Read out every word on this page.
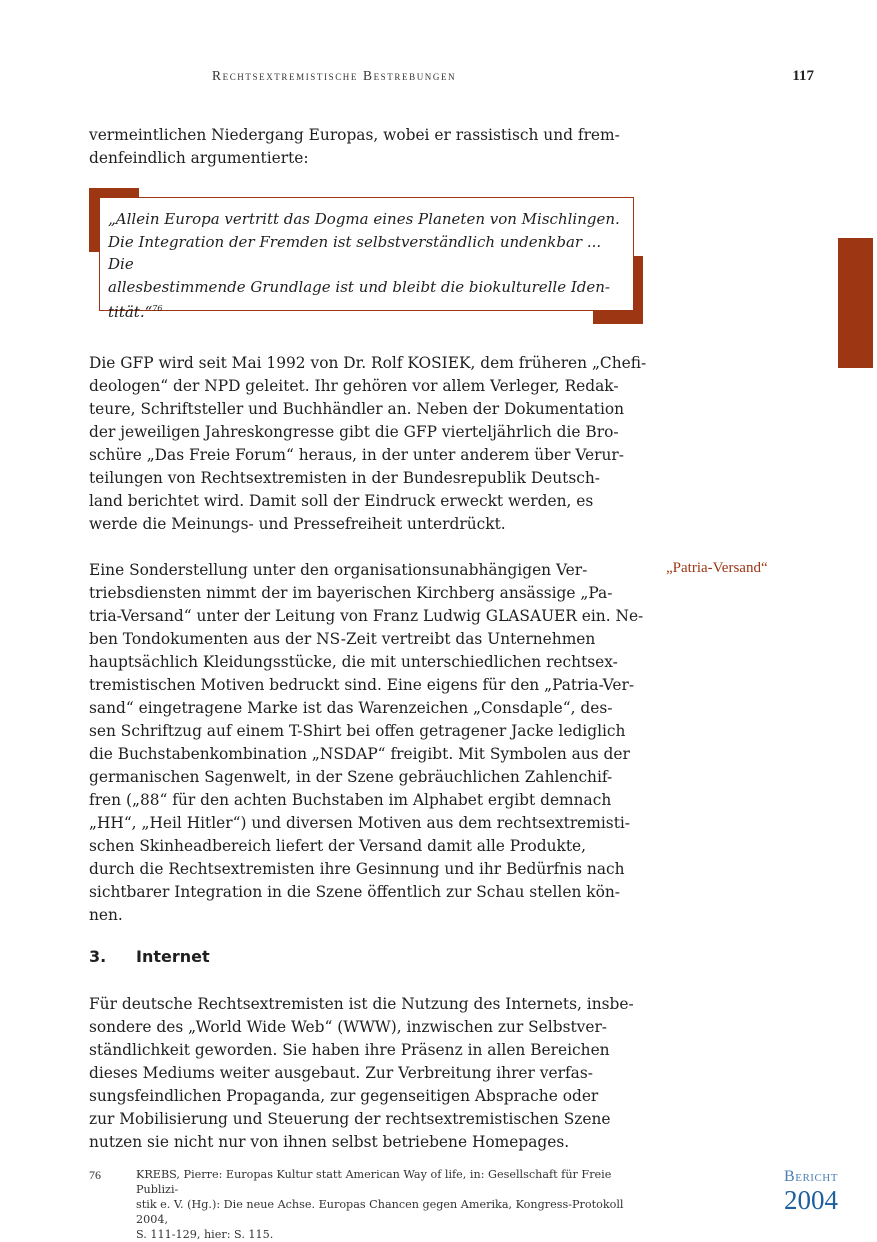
Rechtsextremistische Bestrebungen	117

vermeintlichen Niedergang Europas, wobei er rassistisch und frem-
denfeindlich argumentierte:

„Allein Europa vertritt das Dogma eines Planeten von Mischlingen.
Die Integration der Fremden ist selbstverständlich undenkbar ... Die
allesbestimmende Grundlage ist und bleibt die biokulturelle Iden-
tität.“$^{76}$

Die GFP wird seit Mai 1992 von Dr. Rolf KOSIEK, dem früheren „Chefi-
deologen“ der NPD geleitet. Ihr gehören vor allem Verleger, Redak-
teure, Schriftsteller und Buchhändler an. Neben der Dokumentation
der jeweiligen Jahreskongresse gibt die GFP vierteljährlich die Bro-
schüre „Das Freie Forum“ heraus, in der unter anderem über Verur-
teilungen von Rechtsextremisten in der Bundesrepublik Deutsch-
land berichtet wird. Damit soll der Eindruck erweckt werden, es
werde die Meinungs- und Pressefreiheit unterdrückt.

Eine Sonderstellung unter den organisationsunabhängigen Ver-
triebsdiensten nimmt der im bayerischen Kirchberg ansässige „Pa-
tria-Versand“ unter der Leitung von Franz Ludwig GLASAUER ein. Ne-
ben Tondokumenten aus der NS-Zeit vertreibt das Unternehmen
hauptsächlich Kleidungsstücke, die mit unterschiedlichen rechtsex-
tremistischen Motiven bedruckt sind. Eine eigens für den „Patria-Ver-
sand“ eingetragene Marke ist das Warenzeichen „Consdaple“, des-
sen Schriftzug auf einem T-Shirt bei offen getragener Jacke lediglich
die Buchstabenkombination „NSDAP“ freigibt. Mit Symbolen aus der
germanischen Sagenwelt, in der Szene gebräuchlichen Zahlenchif-
fren („88“ für den achten Buchstaben im Alphabet ergibt demnach
„HH“, „Heil Hitler“) und diversen Motiven aus dem rechtsextremisti-
schen Skinheadbereich liefert der Versand damit alle Produkte,
durch die Rechtsextremisten ihre Gesinnung und ihr Bedürfnis nach
sichtbarer Integration in die Szene öffentlich zur Schau stellen kön-
nen.

„Patria-Versand“
3. Internet

Für deutsche Rechtsextremisten ist die Nutzung des Internets, insbe-
sondere des „World Wide Web“ (WWW), inzwischen zur Selbstver-
ständlichkeit geworden. Sie haben ihre Präsenz in allen Bereichen
dieses Mediums weiter ausgebaut. Zur Verbreitung ihrer verfas-
sungsfeindlichen Propaganda, zur gegenseitigen Absprache oder
zur Mobilisierung und Steuerung der rechtsextremistischen Szene
nutzen sie nicht nur von ihnen selbst betriebene Homepages.

76	KREBS, Pierre: Europas Kultur statt American Way of life, in: Gesellschaft für Freie Publizi-
stik e. V. (Hg.): Die neue Achse. Europas Chancen gegen Amerika, Kongress-Protokoll 2004,
S. 111-129, hier: S. 115.

Bericht
2004
